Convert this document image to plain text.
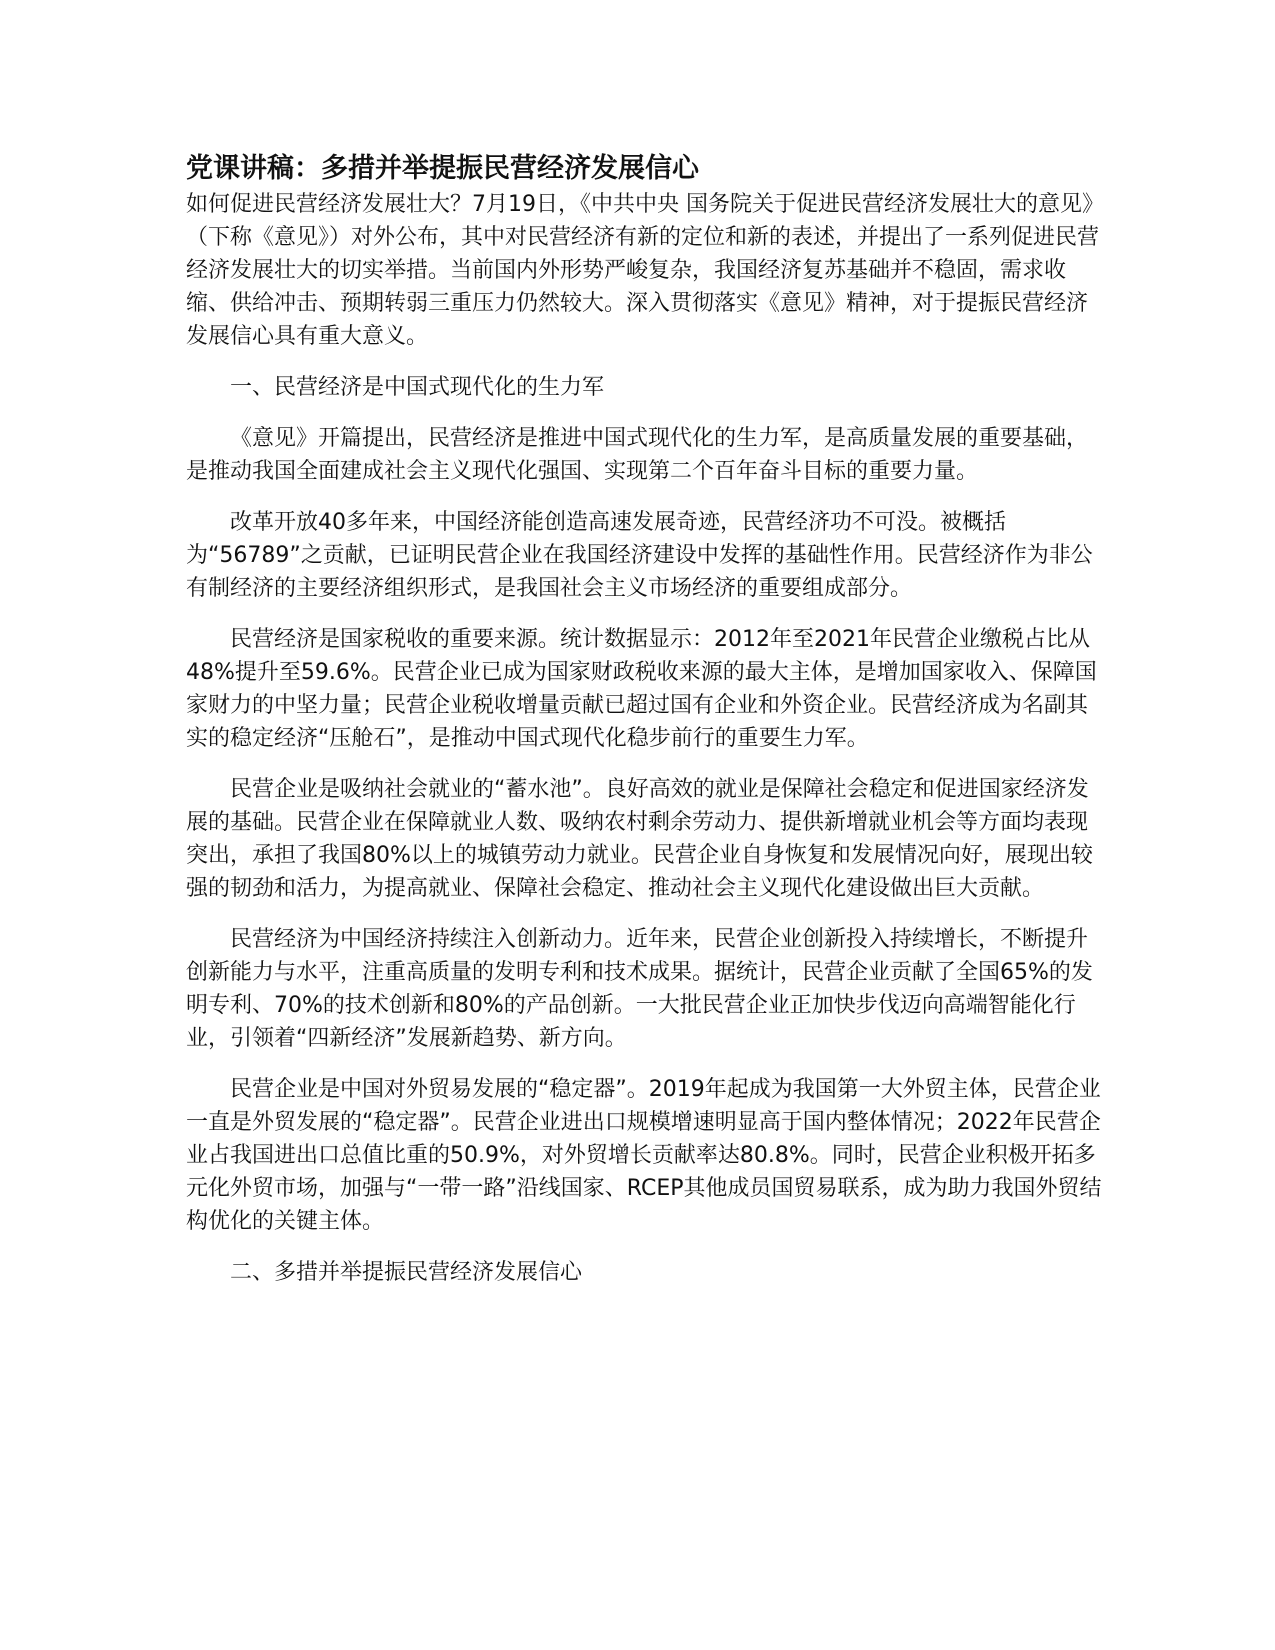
党课讲稿：多措并举提振民营经济发展信心

如何促进民营经济发展壮大？7月19日，《中共中央 国务院关于促进民营经济发展壮大的意见》（下称《意见》）对外公布，其中对民营经济有新的定位和新的表述，并提出了一系列促进民营经济发展壮大的切实举措。当前国内外形势严峻复杂，我国经济复苏基础并不稳固，需求收缩、供给冲击、预期转弱三重压力仍然较大。深入贯彻落实《意见》精神，对于提振民营经济发展信心具有重大意义。

一、民营经济是中国式现代化的生力军

《意见》开篇提出，民营经济是推进中国式现代化的生力军，是高质量发展的重要基础，是推动我国全面建成社会主义现代化强国、实现第二个百年奋斗目标的重要力量。

改革开放40多年来，中国经济能创造高速发展奇迹，民营经济功不可没。被概括为“56789”之贡献，已证明民营企业在我国经济建设中发挥的基础性作用。民营经济作为非公有制经济的主要经济组织形式，是我国社会主义市场经济的重要组成部分。

民营经济是国家税收的重要来源。统计数据显示：2012年至2021年民营企业缴税占比从48%提升至59.6%。民营企业已成为国家财政税收来源的最大主体，是增加国家收入、保障国家财力的中坚力量；民营企业税收增量贡献已超过国有企业和外资企业。民营经济成为名副其实的稳定经济“压舱石”，是推动中国式现代化稳步前行的重要生力军。

民营企业是吸纳社会就业的“蓄水池”。良好高效的就业是保障社会稳定和促进国家经济发展的基础。民营企业在保障就业人数、吸纳农村剩余劳动力、提供新增就业机会等方面均表现突出，承担了我国80%以上的城镇劳动力就业。民营企业自身恢复和发展情况向好，展现出较强的韧劲和活力，为提高就业、保障社会稳定、推动社会主义现代化建设做出巨大贡献。

民营经济为中国经济持续注入创新动力。近年来，民营企业创新投入持续增长，不断提升创新能力与水平，注重高质量的发明专利和技术成果。据统计，民营企业贡献了全国65%的发明专利、70%的技术创新和80%的产品创新。一大批民营企业正加快步伐迈向高端智能化行业，引领着“四新经济”发展新趋势、新方向。

民营企业是中国对外贸易发展的“稳定器”。2019年起成为我国第一大外贸主体，民营企业一直是外贸发展的“稳定器”。民营企业进出口规模增速明显高于国内整体情况；2022年民营企业占我国进出口总值比重的50.9%，对外贸增长贡献率达80.8%。同时，民营企业积极开拓多元化外贸市场，加强与“一带一路”沿线国家、RCEP其他成员国贸易联系，成为助力我国外贸结构优化的关键主体。

二、多措并举提振民营经济发展信心
